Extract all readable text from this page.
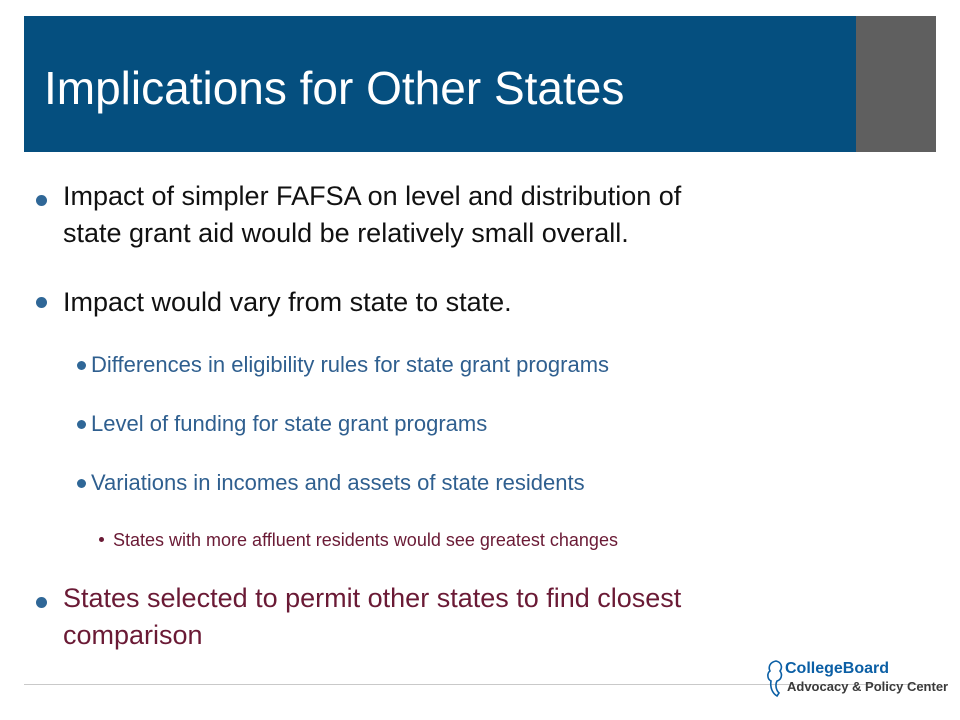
Implications for Other States
Impact of simpler FAFSA on level and distribution of
state grant aid would be relatively small overall.
Impact would vary from state to state.
Differences in eligibility rules for state grant programs
Level of funding for state grant programs
Variations in incomes and assets of state residents
States with more affluent residents would see greatest changes
States selected to permit other states to find closest
comparison
CollegeBoard
Advocacy & Policy Center
